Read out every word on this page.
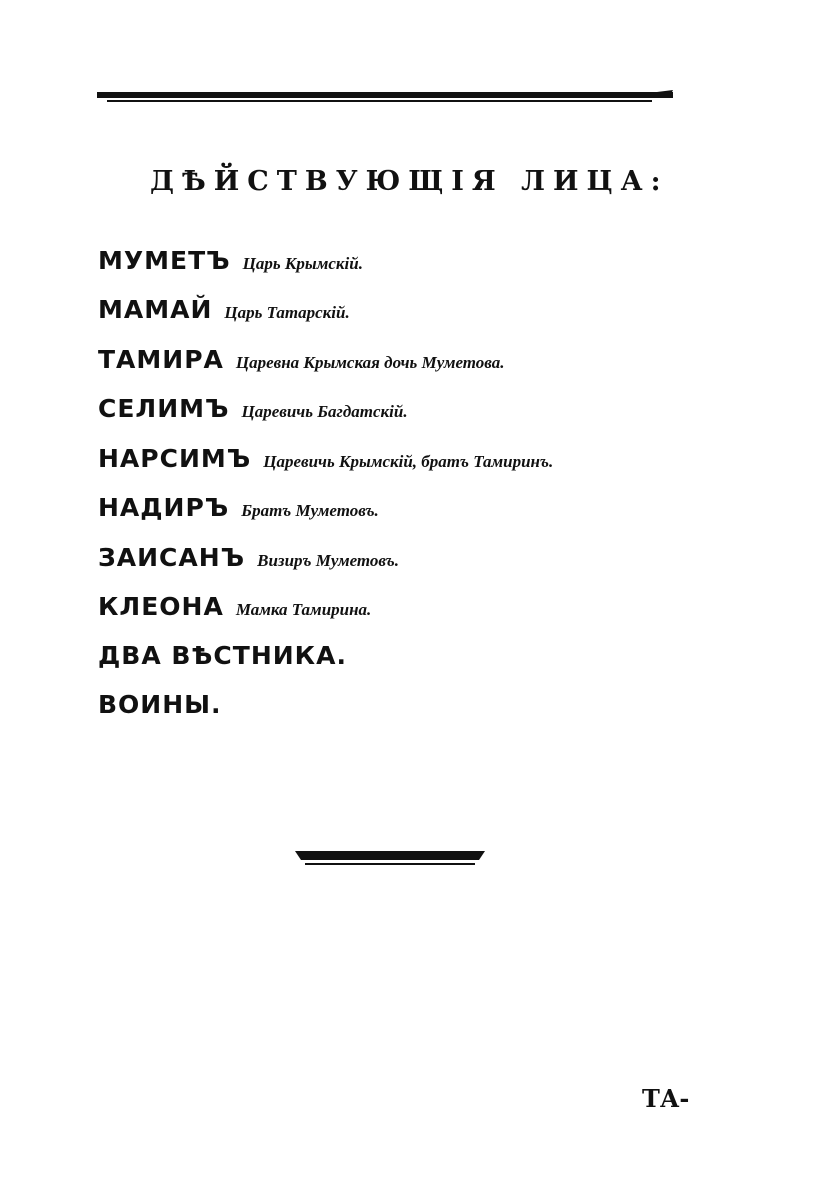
ДѢЙСТВУЮЩІЯ ЛИЦА:
МУМЕТЪ Царь Крымскій.
МАМАЙ Царь Татарскій.
ТАМИРА Царевна Крымская дочь Муметова.
СЕЛИМЪ Царевичь Багдатскій.
НАРСИМЪ Царевичь Крымскій, братъ Тамиринъ.
НАДИРЪ Братъ Муметовъ.
ЗАИСАНЪ Визиръ Муметовъ.
КЛЕОНА Мамка Тамирина.
ДВА ВѢСТНИКА.
ВОИНЫ.
ТА-
